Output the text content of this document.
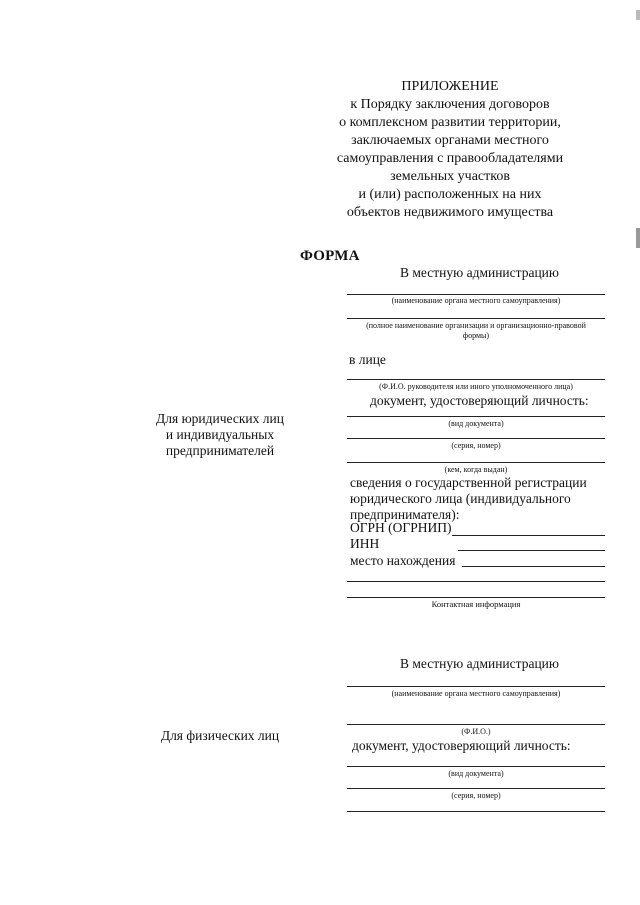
ПРИЛОЖЕНИЕ
к Порядку заключения договоров
о комплексном развитии территории,
заключаемых органами местного
самоуправления с правообладателями
земельных участков
и (или) расположенных на них
объектов недвижимого имущества
ФОРМА
В местную администрацию
(наименование органа местного самоуправления)
(полное наименование организации и организационно-правовой
формы)
в лице
(Ф.И.О. руководителя или иного уполномоченного лица)
документ, удостоверяющий личность:
(вид документа)
(серия, номер)
(кем, когда выдан)
сведения о государственной регистрации
юридического лица (индивидуального
предпринимателя):
ОГРН (ОГРНИП)
ИНН
место нахождения
Контактная информация
Для юридических лиц
и индивидуальных
предпринимателей
В местную администрацию
(наименование органа местного самоуправления)
(Ф.И.О.)
документ, удостоверяющий личность:
(вид документа)
(серия, номер)
Для физических лиц
